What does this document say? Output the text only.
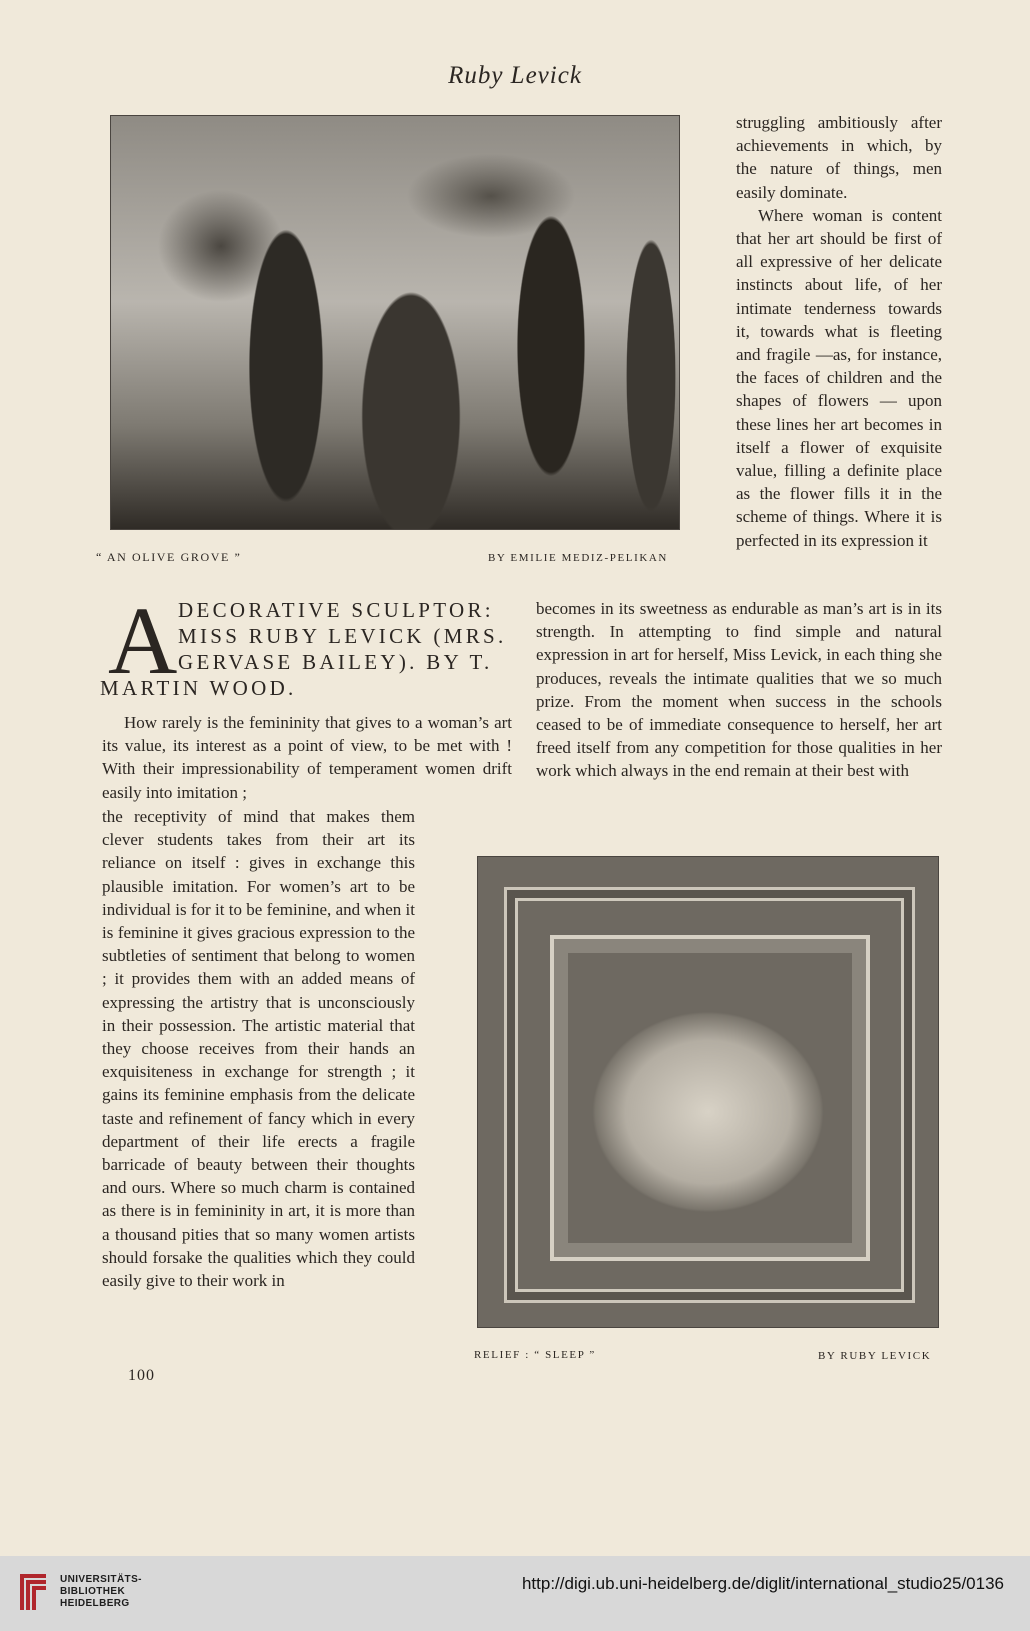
Ruby Levick
“ AN OLIVE GROVE ”	BY EMILIE MEDIZ-PELIKAN

struggling ambitiously after achievements in which, by the nature of things, men easily dominate.

Where woman is content that her art should be first of all expressive of her delicate instincts about life, of her intimate tenderness towards it, towards what is fleeting and fragile —as, for instance, the faces of children and the shapes of flowers — upon these lines her art becomes in itself a flower of exquisite value, filling a definite place as the flower fills it in the scheme of things. Where it is perfected in its expression it

A DECORATIVE SCULPTOR:
MISS RUBY LEVICK (MRS.
GERVASE BAILEY). BY T.
MARTIN WOOD.

becomes in its sweetness as endurable as man’s art is in its strength. In attempting to find simple and natural expression in art for herself, Miss Levick, in each thing she produces, reveals the intimate qualities that we so much prize. From the moment when success in the schools ceased to be of immediate consequence to herself, her art freed itself from any competition for those qualities in her work which always in the end remain at their best with

How rarely is the femininity that gives to a woman’s art its value, its interest as a point of view, to be met with ! With their impressionability of temperament women drift easily into imitation ;

the receptivity of mind that makes them clever students takes from their art its reliance on itself : gives in exchange this plausible imitation. For women’s art to be individual is for it to be feminine, and when it is feminine it gives gracious expression to the subtleties of sentiment that belong to women ; it provides them with an added means of expressing the artistry that is unconsciously in their possession. The artistic material that they choose receives from their hands an exquisiteness in exchange for strength ; it gains its feminine emphasis from the delicate taste and refinement of fancy which in every department of their life erects a fragile barricade of beauty between their thoughts and ours. Where so much charm is contained as there is in femininity in art, it is more than a thousand pities that so many women artists should forsake the qualities which they could easily give to their work in

RELIEF : “ SLEEP ”	BY RUBY LEVICK
100
UNIVERSITÄTS-
BIBLIOTHEK
HEIDELBERG
http://digi.ub.uni-heidelberg.de/diglit/international_studio25/0136
